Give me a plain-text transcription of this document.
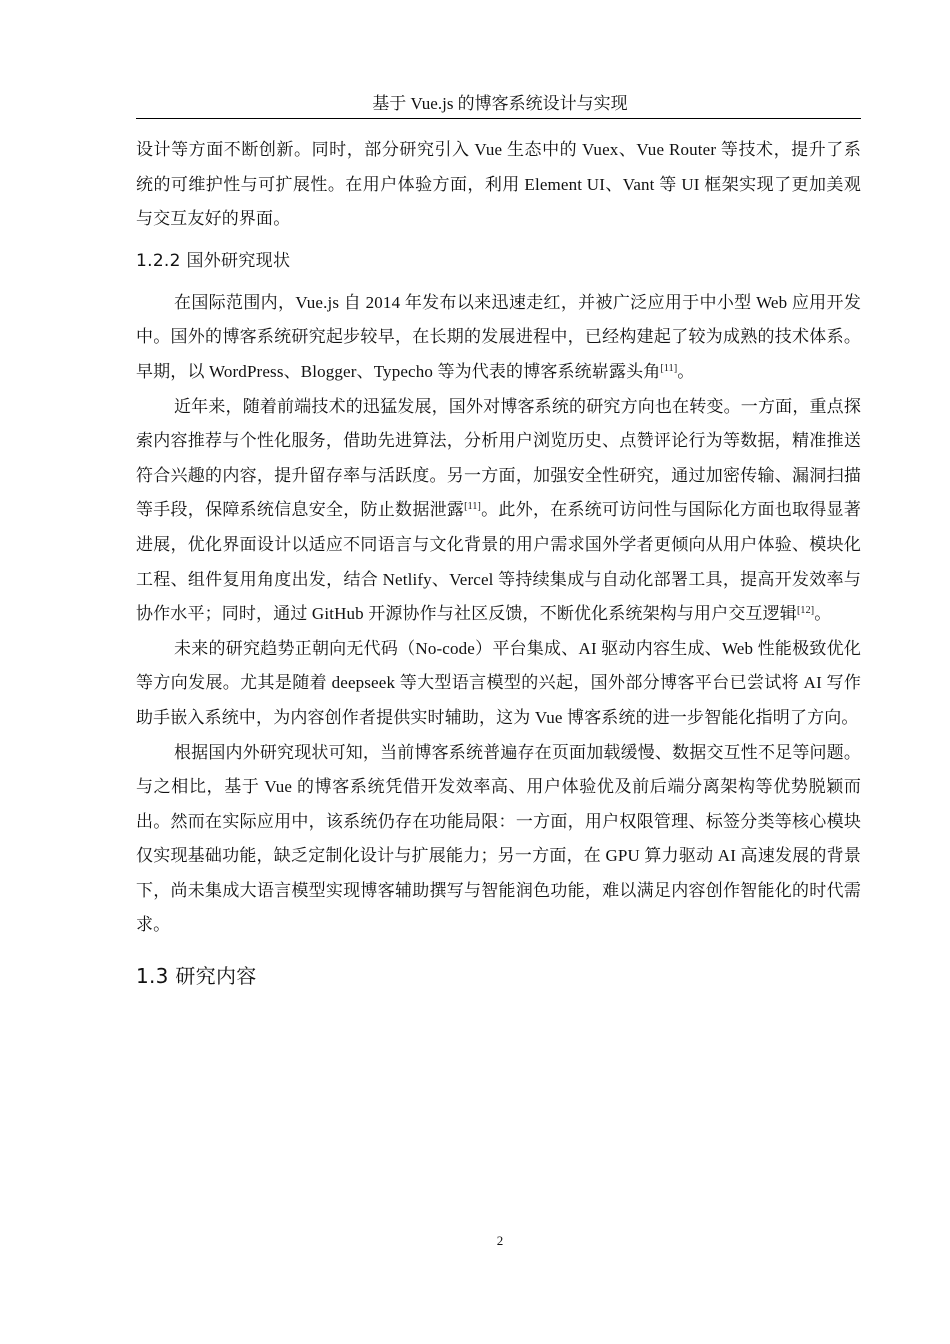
基于 Vue.js 的博客系统设计与实现

设计等方面不断创新。同时，部分研究引入 Vue 生态中的 Vuex、Vue Router 等技术，提升了系统的可维护性与可扩展性。在用户体验方面，利用 Element UI、Vant 等 UI 框架实现了更加美观与交互友好的界面。

1.2.2 国外研究现状

在国际范围内，Vue.js 自 2014 年发布以来迅速走红，并被广泛应用于中小型 Web 应用开发中。国外的博客系统研究起步较早，在长期的发展进程中，已经构建起了较为成熟的技术体系。早期，以 WordPress、Blogger、Typecho 等为代表的博客系统崭露头角[11]。

近年来，随着前端技术的迅猛发展，国外对博客系统的研究方向也在转变。一方面，重点探索内容推荐与个性化服务，借助先进算法，分析用户浏览历史、点赞评论行为等数据，精准推送符合兴趣的内容，提升留存率与活跃度。另一方面，加强安全性研究，通过加密传输、漏洞扫描等手段，保障系统信息安全，防止数据泄露[11]。此外，在系统可访问性与国际化方面也取得显著进展，优化界面设计以适应不同语言与文化背景的用户需求国外学者更倾向从用户体验、模块化工程、组件复用角度出发，结合 Netlify、Vercel 等持续集成与自动化部署工具，提高开发效率与协作水平；同时，通过 GitHub 开源协作与社区反馈，不断优化系统架构与用户交互逻辑[12]。

未来的研究趋势正朝向无代码（No-code）平台集成、AI 驱动内容生成、Web 性能极致优化等方向发展。尤其是随着 deepseek 等大型语言模型的兴起，国外部分博客平台已尝试将 AI 写作助手嵌入系统中，为内容创作者提供实时辅助，这为 Vue 博客系统的进一步智能化指明了方向。

根据国内外研究现状可知，当前博客系统普遍存在页面加载缓慢、数据交互性不足等问题。与之相比，基于 Vue 的博客系统凭借开发效率高、用户体验优及前后端分离架构等优势脱颖而出。然而在实际应用中，该系统仍存在功能局限：一方面，用户权限管理、标签分类等核心模块仅实现基础功能，缺乏定制化设计与扩展能力；另一方面，在 GPU 算力驱动 AI 高速发展的背景下，尚未集成大语言模型实现博客辅助撰写与智能润色功能，难以满足内容创作智能化的时代需求。

1.3 研究内容
2
